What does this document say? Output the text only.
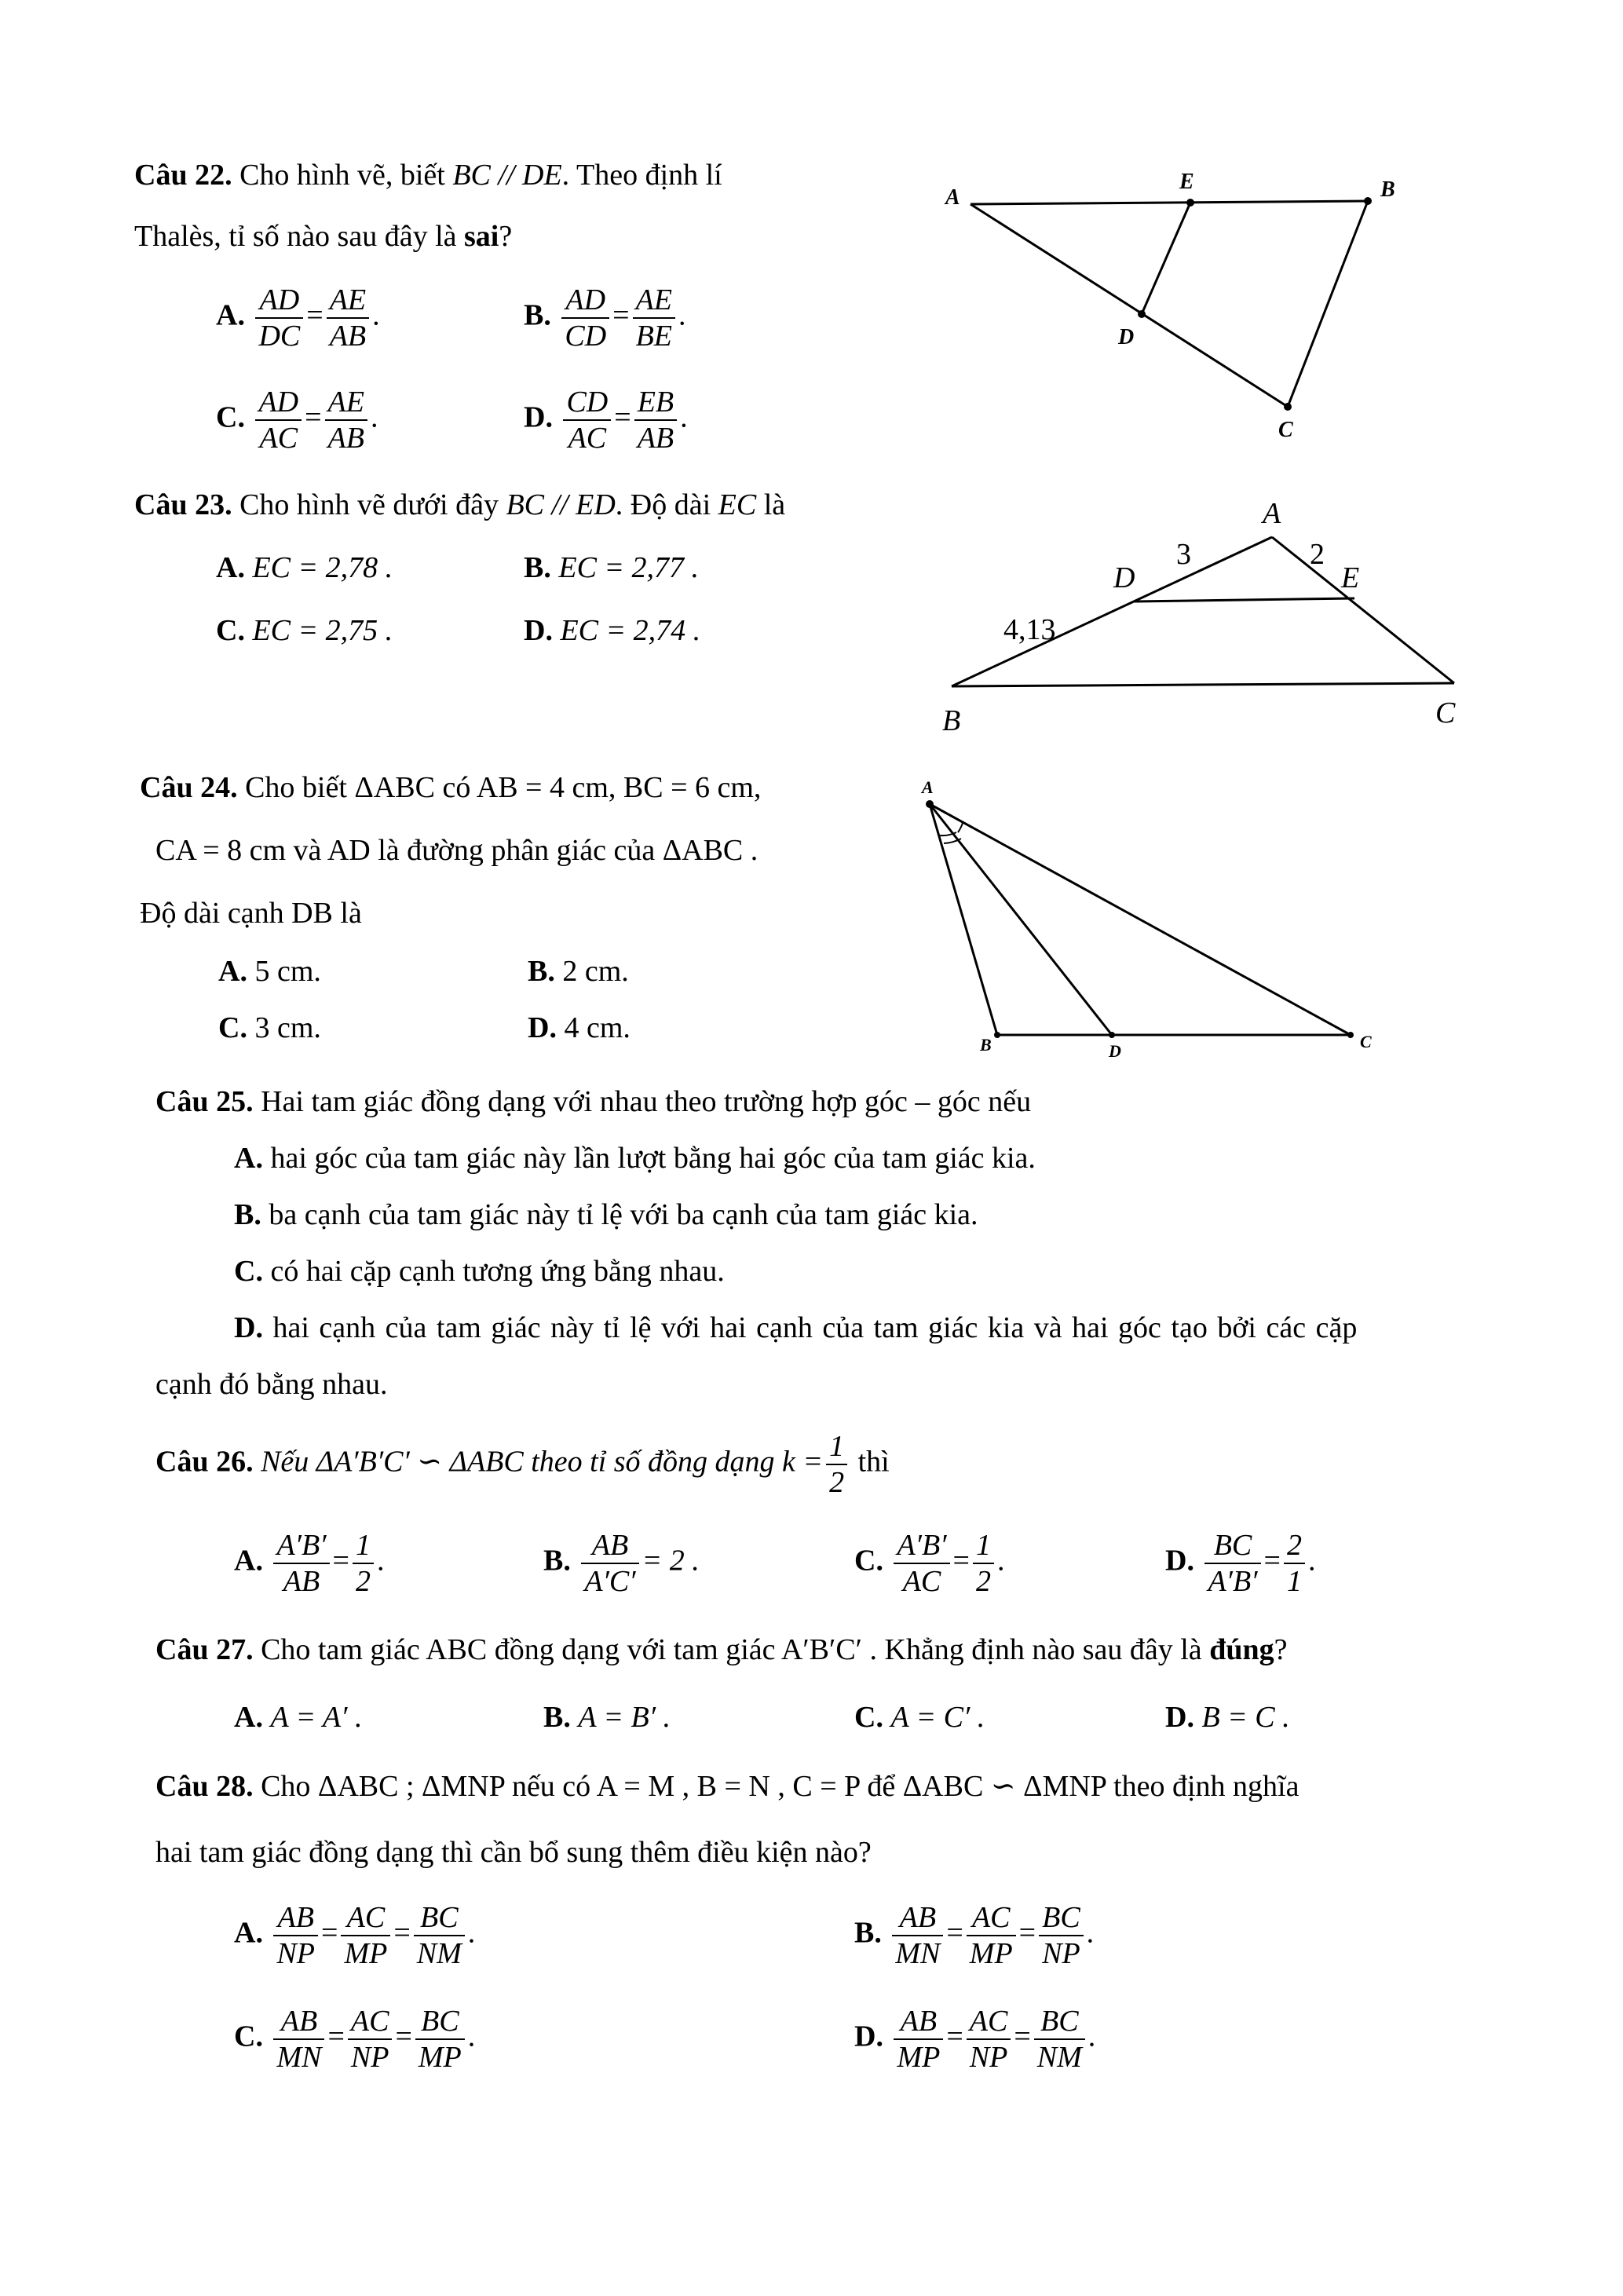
Câu 22. Cho hình vẽ, biết BC // DE. Theo định lí
Thalès, tỉ số nào sau đây là sai?
A. $\frac{AD}{DC} = \frac{AE}{AB}$ .	B. $\frac{AD}{CD} = \frac{AE}{BE}$ .
C. $\frac{AD}{AC} = \frac{AE}{AB}$ .	D. $\frac{CD}{AC} = \frac{EB}{AB}$ .
A
E	B
D
C
Câu 23. Cho hình vẽ dưới đây BC // ED. Độ dài EC là
A. EC = 2,78 .	B. EC = 2,77 .
C. EC = 2,75 .	D. EC = 2,74 .
A
D	E
B	C
3	2
4,13
Câu 24. Cho biết ΔABC có AB = 4 cm, BC = 6 cm,
CA = 8 cm và AD là đường phân giác của ΔABC .
Độ dài cạnh DB là
A. 5 cm.	B. 2 cm.
C. 3 cm.	D. 4 cm.
A
B	D	C
Câu 25. Hai tam giác đồng dạng với nhau theo trường hợp góc – góc nếu
A. hai góc của tam giác này lần lượt bằng hai góc của tam giác kia.
B. ba cạnh của tam giác này tỉ lệ với ba cạnh của tam giác kia.
C. có hai cặp cạnh tương ứng bằng nhau.
D. hai cạnh của tam giác này tỉ lệ với hai cạnh của tam giác kia và hai góc tạo bởi các cặp
cạnh đó bằng nhau.
Câu 26. Nếu ΔA′B′C′ ∽ ΔABC theo tỉ số đồng dạng $k = \frac{1}{2}$ thì
A. $\frac{A'B'}{AB} = \frac{1}{2}$ .	B. $\frac{AB}{A'C'} = 2$ .	C. $\frac{A'B'}{AC} = \frac{1}{2}$ .	D. $\frac{BC}{A'B'} = \frac{2}{1}$ .
Câu 27. Cho tam giác ABC đồng dạng với tam giác A′B′C′ . Khẳng định nào sau đây là đúng?
A. A = A′ .	B. A = B′ .	C. A = C′ .	D. B = C .
Câu 28. Cho ΔABC ; ΔMNP nếu có A = M , B = N , C = P để ΔABC ∽ ΔMNP theo định nghĩa
hai tam giác đồng dạng thì cần bổ sung thêm điều kiện nào?
A. $\frac{AB}{NP} = \frac{AC}{MP} = \frac{BC}{NM}$ .	B. $\frac{AB}{MN} = \frac{AC}{MP} = \frac{BC}{NP}$ .
C. $\frac{AB}{MN} = \frac{AC}{NP} = \frac{BC}{MP}$ .	D. $\frac{AB}{MP} = \frac{AC}{NP} = \frac{BC}{NM}$ .
